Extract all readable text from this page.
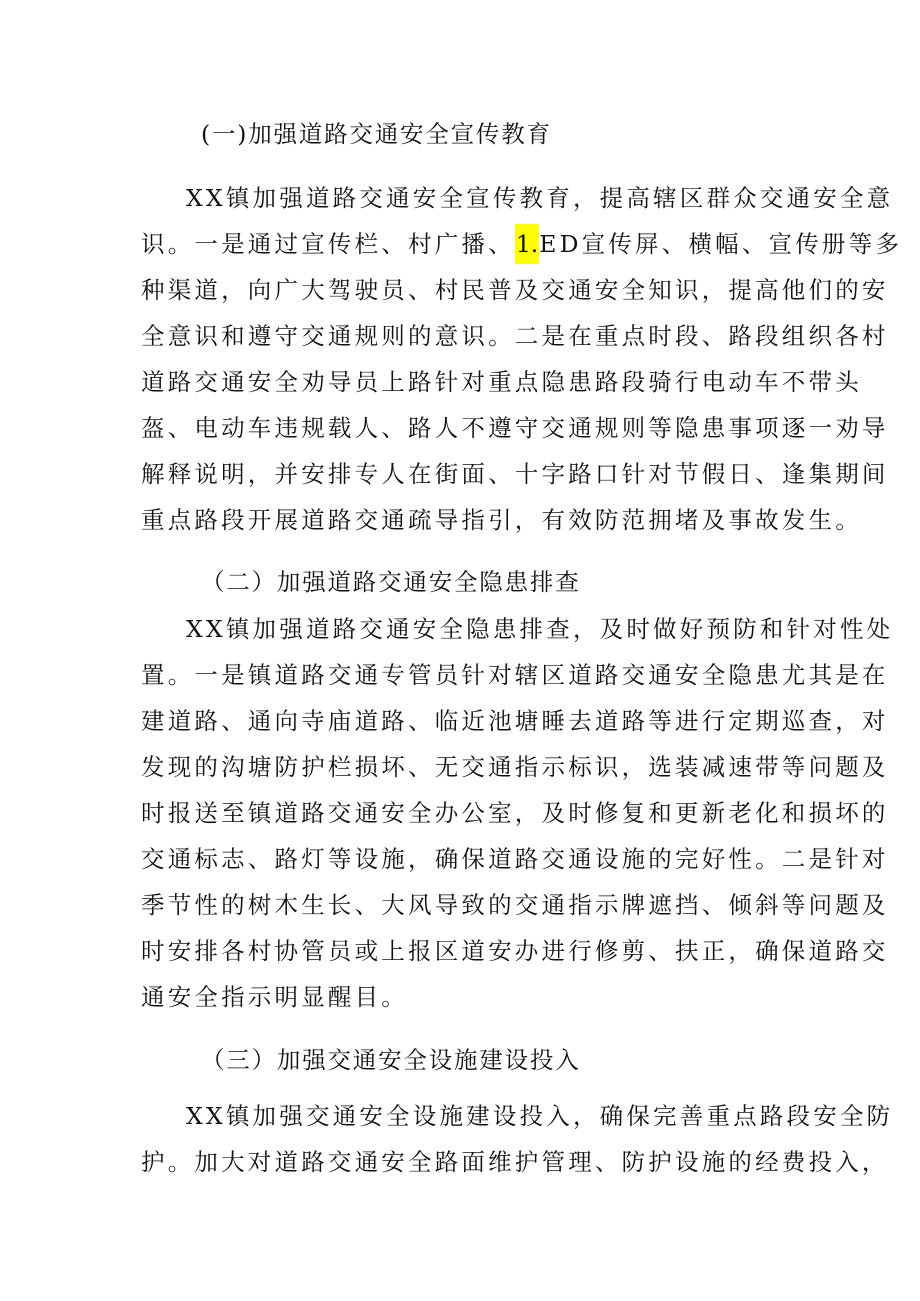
(一)加强道路交通安全宣传教育
XX镇加强道路交通安全宣传教育，提高辖区群众交通安全意
识。一是通过宣传栏、村广播、1.ED宣传屏、横幅、宣传册等多
种渠道，向广大驾驶员、村民普及交通安全知识，提高他们的安
全意识和遵守交通规则的意识。二是在重点时段、路段组织各村
道路交通安全劝导员上路针对重点隐患路段骑行电动车不带头
盔、电动车违规载人、路人不遵守交通规则等隐患事项逐一劝导
解释说明，并安排专人在街面、十字路口针对节假日、逢集期间
重点路段开展道路交通疏导指引，有效防范拥堵及事故发生。
（二）加强道路交通安全隐患排查
XX镇加强道路交通安全隐患排查，及时做好预防和针对性处
置。一是镇道路交通专管员针对辖区道路交通安全隐患尤其是在
建道路、通向寺庙道路、临近池塘睡去道路等进行定期巡查，对
发现的沟塘防护栏损坏、无交通指示标识，选装减速带等问题及
时报送至镇道路交通安全办公室，及时修复和更新老化和损坏的
交通标志、路灯等设施，确保道路交通设施的完好性。二是针对
季节性的树木生长、大风导致的交通指示牌遮挡、倾斜等问题及
时安排各村协管员或上报区道安办进行修剪、扶正，确保道路交
通安全指示明显醒目。
（三）加强交通安全设施建设投入
XX镇加强交通安全设施建设投入，确保完善重点路段安全防
护。加大对道路交通安全路面维护管理、防护设施的经费投入，
